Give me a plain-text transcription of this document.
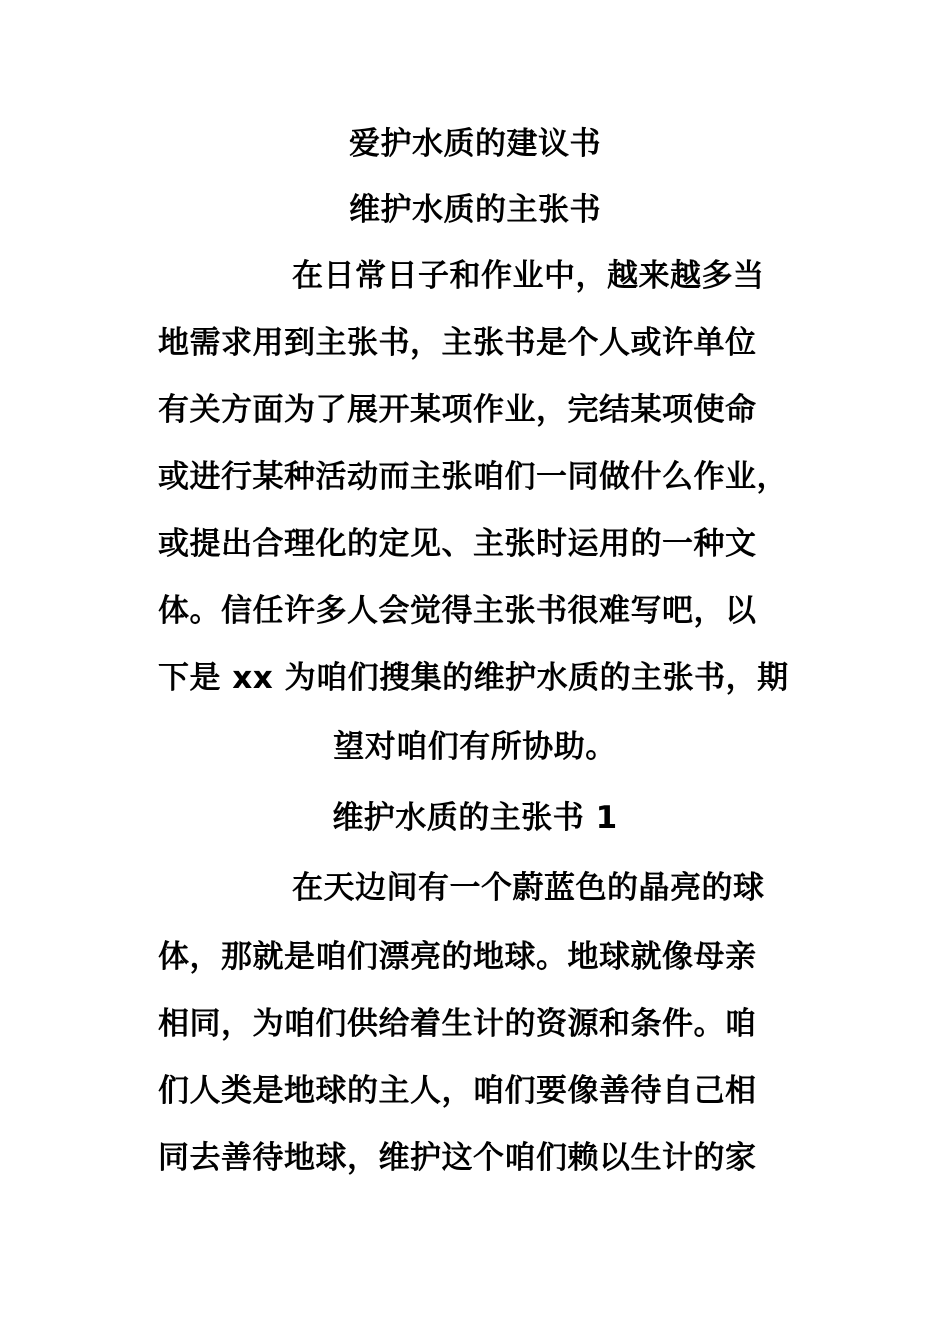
爱护水质的建议书
维护水质的主张书
在日常日子和作业中，越来越多当
地需求用到主张书，主张书是个人或许单位
有关方面为了展开某项作业，完结某项使命
或进行某种活动而主张咱们一同做什么作业，
或提出合理化的定见、主张时运用的一种文
体。信任许多人会觉得主张书很难写吧，以
下是 xx 为咱们搜集的维护水质的主张书，期
望对咱们有所协助。
维护水质的主张书 1
在天边间有一个蔚蓝色的晶亮的球
体，那就是咱们漂亮的地球。地球就像母亲
相同，为咱们供给着生计的资源和条件。咱
们人类是地球的主人，咱们要像善待自己相
同去善待地球，维护这个咱们赖以生计的家
